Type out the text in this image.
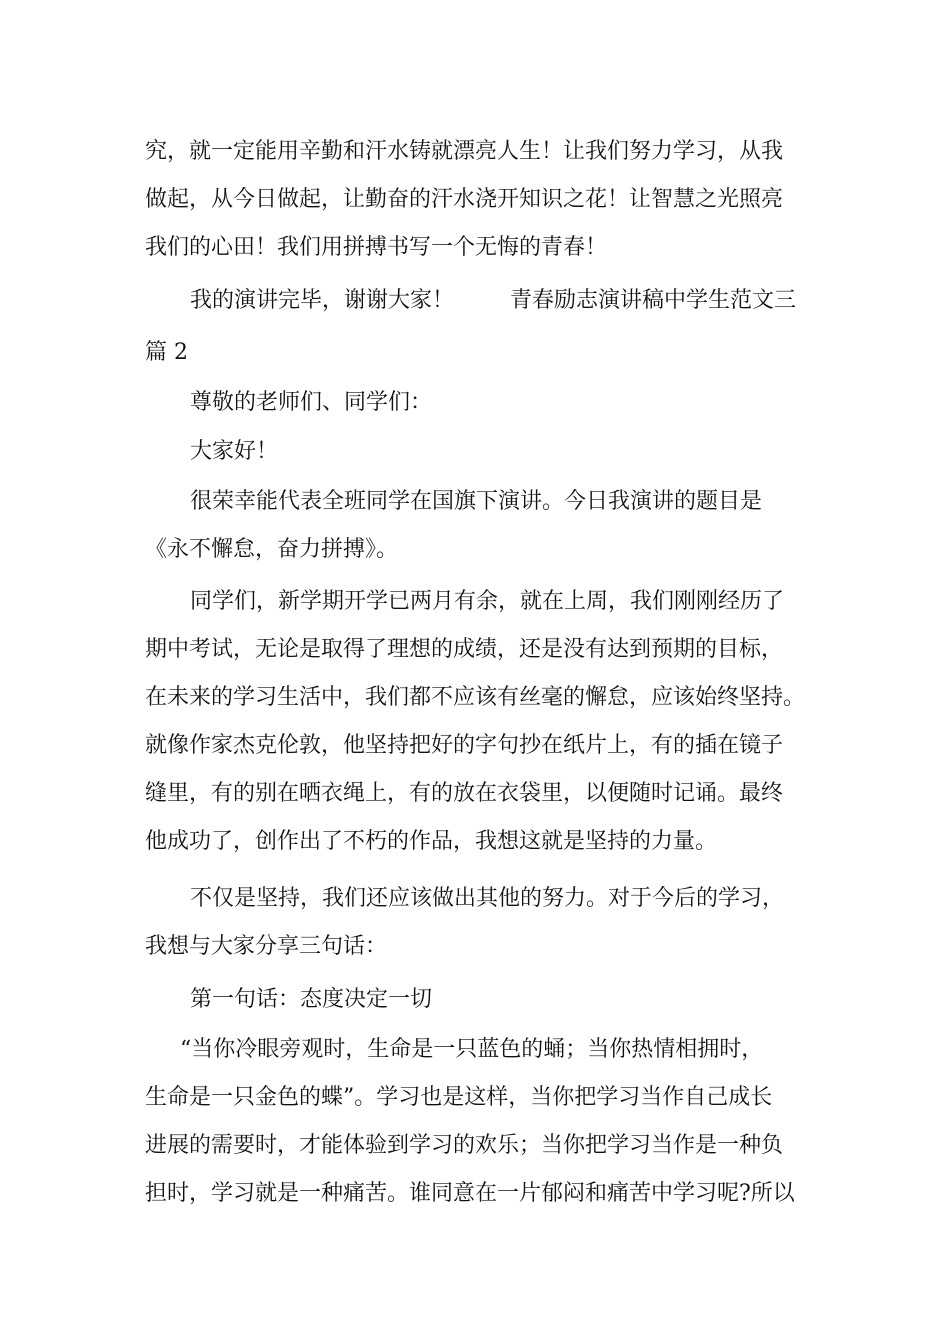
究，就一定能用辛勤和汗水铸就漂亮人生！让我们努力学习，从我
做起，从今日做起，让勤奋的汗水浇开知识之花！让智慧之光照亮
我们的心田！我们用拼搏书写一个无悔的青春！
我的演讲完毕，谢谢大家！	青春励志演讲稿中学生范文三
篇 2
尊敬的老师们、同学们：
大家好！
很荣幸能代表全班同学在国旗下演讲。今日我演讲的题目是
《永不懈怠，奋力拼搏》。
同学们，新学期开学已两月有余，就在上周，我们刚刚经历了
期中考试，无论是取得了理想的成绩，还是没有达到预期的目标，
在未来的学习生活中，我们都不应该有丝毫的懈怠，应该始终坚持。
就像作家杰克伦敦，他坚持把好的字句抄在纸片上，有的插在镜子
缝里，有的别在晒衣绳上，有的放在衣袋里，以便随时记诵。最终
他成功了，创作出了不朽的作品，我想这就是坚持的力量。
不仅是坚持，我们还应该做出其他的努力。对于今后的学习，
我想与大家分享三句话：
第一句话：态度决定一切
“当你冷眼旁观时，生命是一只蓝色的蛹；当你热情相拥时，
生命是一只金色的蝶”。学习也是这样，当你把学习当作自己成长
进展的需要时，才能体验到学习的欢乐；当你把学习当作是一种负
担时，学习就是一种痛苦。谁同意在一片郁闷和痛苦中学习呢?所以
